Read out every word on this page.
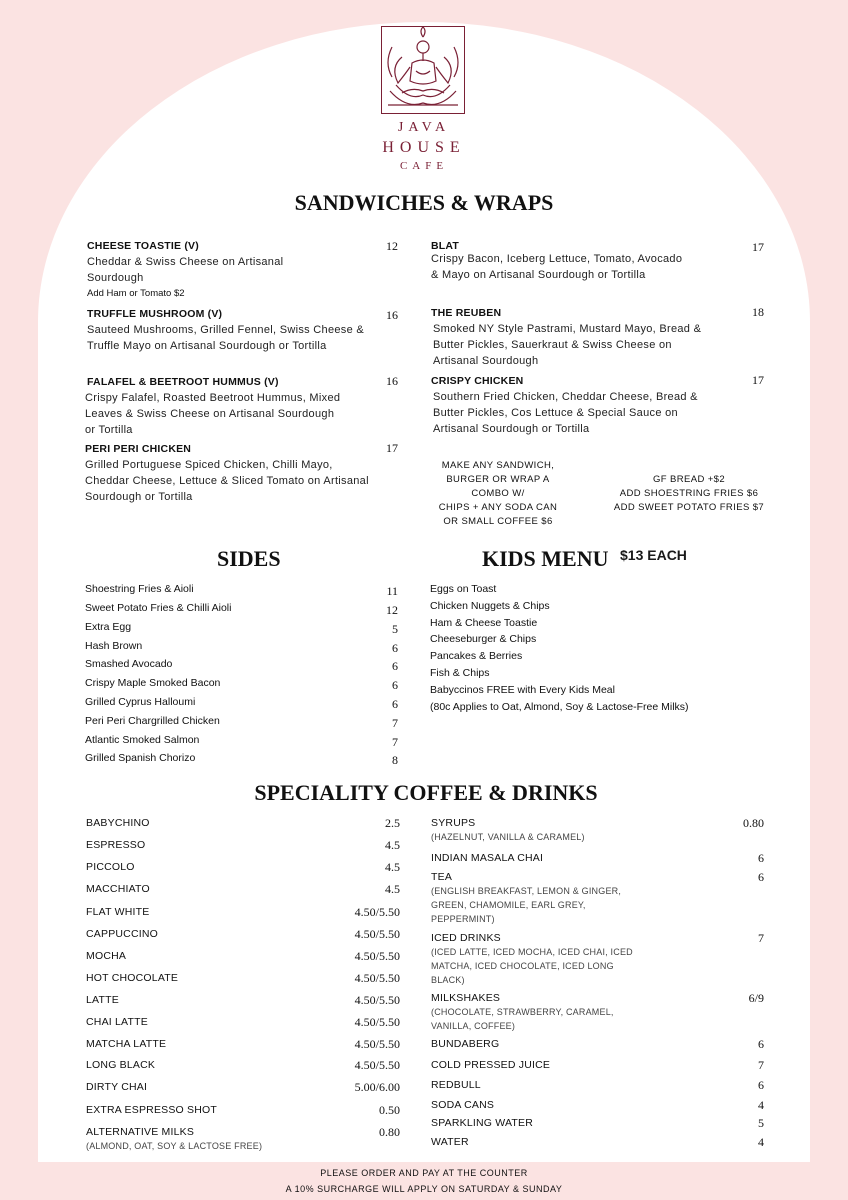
JAVA
HOUSE
CAFE
SANDWICHES & WRAPS
CHEESE TOASTIE (V)	12
Cheddar & Swiss Cheese on Artisanal Sourdough
Add Ham or Tomato $2
TRUFFLE MUSHROOM (V)	16
Sauteed Mushrooms, Grilled Fennel, Swiss Cheese & Truffle Mayo on Artisanal Sourdough or Tortilla
FALAFEL & BEETROOT HUMMUS (V)	16
Crispy Falafel, Roasted Beetroot Hummus, Mixed Leaves & Swiss Cheese on Artisanal Sourdough or Tortilla
PERI PERI CHICKEN	17
Grilled Portuguese Spiced Chicken, Chilli Mayo, Cheddar Cheese, Lettuce & Sliced Tomato on Artisanal Sourdough or Tortilla
BLAT	17
Crispy Bacon, Iceberg Lettuce, Tomato, Avocado & Mayo on Artisanal Sourdough or Tortilla
THE REUBEN	18
Smoked NY Style Pastrami, Mustard Mayo, Bread & Butter Pickles, Sauerkraut & Swiss Cheese on Artisanal Sourdough
CRISPY CHICKEN	17
Southern Fried Chicken, Cheddar Cheese, Bread & Butter Pickles, Cos Lettuce & Special Sauce on Artisanal Sourdough or Tortilla
MAKE ANY SANDWICH,
BURGER OR WRAP A
COMBO W/
CHIPS + ANY SODA CAN
OR SMALL COFFEE $6
GF BREAD +$2
ADD SHOESTRING FRIES $6
ADD SWEET POTATO FRIES $7
SIDES
Shoestring Fries & Aioli	11
Sweet Potato Fries & Chilli Aioli	12
Extra Egg	5
Hash Brown	6
Smashed Avocado	6
Crispy Maple Smoked Bacon	6
Grilled Cyprus Halloumi	6
Peri Peri Chargrilled Chicken	7
Atlantic Smoked Salmon	7
Grilled Spanish Chorizo	8
KIDS MENU $13 EACH
Eggs on Toast
Chicken Nuggets & Chips
Ham & Cheese Toastie
Cheeseburger & Chips
Pancakes & Berries
Fish & Chips
Babyccinos FREE with Every Kids Meal
(80c Applies to Oat, Almond, Soy & Lactose-Free Milks)
SPECIALITY COFFEE & DRINKS
BABYCHINO	2.5
ESPRESSO	4.5
PICCOLO	4.5
MACCHIATO	4.5
FLAT WHITE	4.50/5.50
CAPPUCCINO	4.50/5.50
MOCHA	4.50/5.50
HOT CHOCOLATE	4.50/5.50
LATTE	4.50/5.50
CHAI LATTE	4.50/5.50
MATCHA LATTE	4.50/5.50
LONG BLACK	4.50/5.50
DIRTY CHAI	5.00/6.00
EXTRA ESPRESSO SHOT	0.50
ALTERNATIVE MILKS	0.80
(ALMOND, OAT, SOY & LACTOSE FREE)
SYRUPS	0.80
(HAZELNUT, VANILLA & CARAMEL)
INDIAN MASALA CHAI	6
TEA	6
(ENGLISH BREAKFAST, LEMON & GINGER, GREEN, CHAMOMILE, EARL GREY, PEPPERMINT)
ICED DRINKS	7
(ICED LATTE, ICED MOCHA, ICED CHAI, ICED MATCHA, ICED CHOCOLATE, ICED LONG BLACK)
MILKSHAKES	6/9
(CHOCOLATE, STRAWBERRY, CARAMEL, VANILLA, COFFEE)
BUNDABERG	6
COLD PRESSED JUICE	7
REDBULL	6
SODA CANS	4
SPARKLING WATER	5
WATER	4
PLEASE ORDER AND PAY AT THE COUNTER
A 10% SURCHARGE WILL APPLY ON SATURDAY & SUNDAY
